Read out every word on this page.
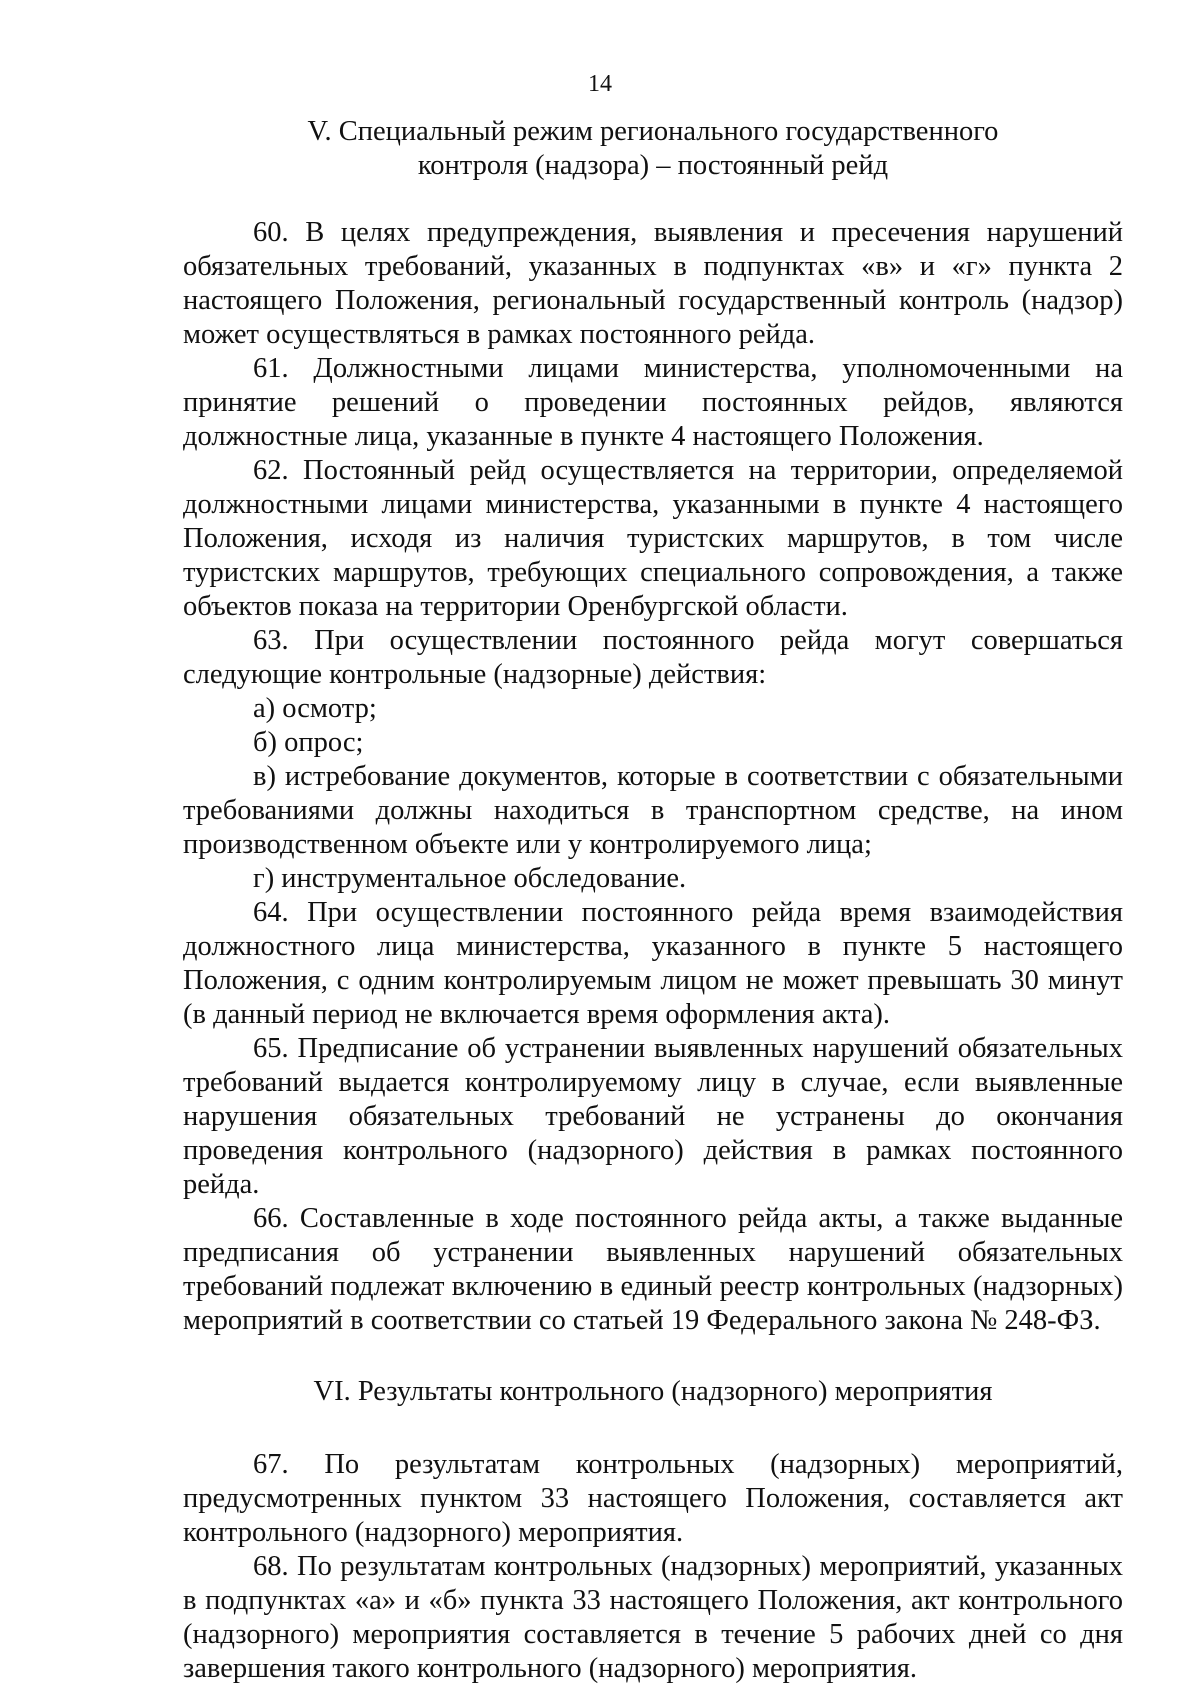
14
V. Специальный режим регионального государственного
контроля (надзора) – постоянный рейд

60. В целях предупреждения, выявления и пресечения нарушений обязательных требований, указанных в подпунктах «в» и «г» пункта 2 настоящего Положения, региональный государственный контроль (надзор) может осуществляться в рамках постоянного рейда.

61. Должностными лицами министерства, уполномоченными на принятие решений о проведении постоянных рейдов, являются должностные лица, указанные в пункте 4 настоящего Положения.

62. Постоянный рейд осуществляется на территории, определяемой должностными лицами министерства, указанными в пункте 4 настоящего Положения, исходя из наличия туристских маршрутов, в том числе туристских маршрутов, требующих специального сопровождения, а также объектов показа на территории Оренбургской области.

63. При осуществлении постоянного рейда могут совершаться следующие контрольные (надзорные) действия:

а) осмотр;

б) опрос;

в) истребование документов, которые в соответствии с обязательными требованиями должны находиться в транспортном средстве, на ином производственном объекте или у контролируемого лица;

г) инструментальное обследование.

64. При осуществлении постоянного рейда время взаимодействия должностного лица министерства, указанного в пункте 5 настоящего Положения, с одним контролируемым лицом не может превышать 30 минут (в данный период не включается время оформления акта).

65. Предписание об устранении выявленных нарушений обязательных требований выдается контролируемому лицу в случае, если выявленные нарушения обязательных требований не устранены до окончания проведения контрольного (надзорного) действия в рамках постоянного рейда.

66. Составленные в ходе постоянного рейда акты, а также выданные предписания об устранении выявленных нарушений обязательных требований подлежат включению в единый реестр контрольных (надзорных) мероприятий в соответствии со статьей 19 Федерального закона № 248-ФЗ.

VI. Результаты контрольного (надзорного) мероприятия

67. По результатам контрольных (надзорных) мероприятий, предусмотренных пунктом 33 настоящего Положения, составляется акт контрольного (надзорного) мероприятия.

68. По результатам контрольных (надзорных) мероприятий, указанных в подпунктах «а» и «б» пункта 33 настоящего Положения, акт контрольного (надзорного) мероприятия составляется в течение 5 рабочих дней со дня завершения такого контрольного (надзорного) мероприятия.
